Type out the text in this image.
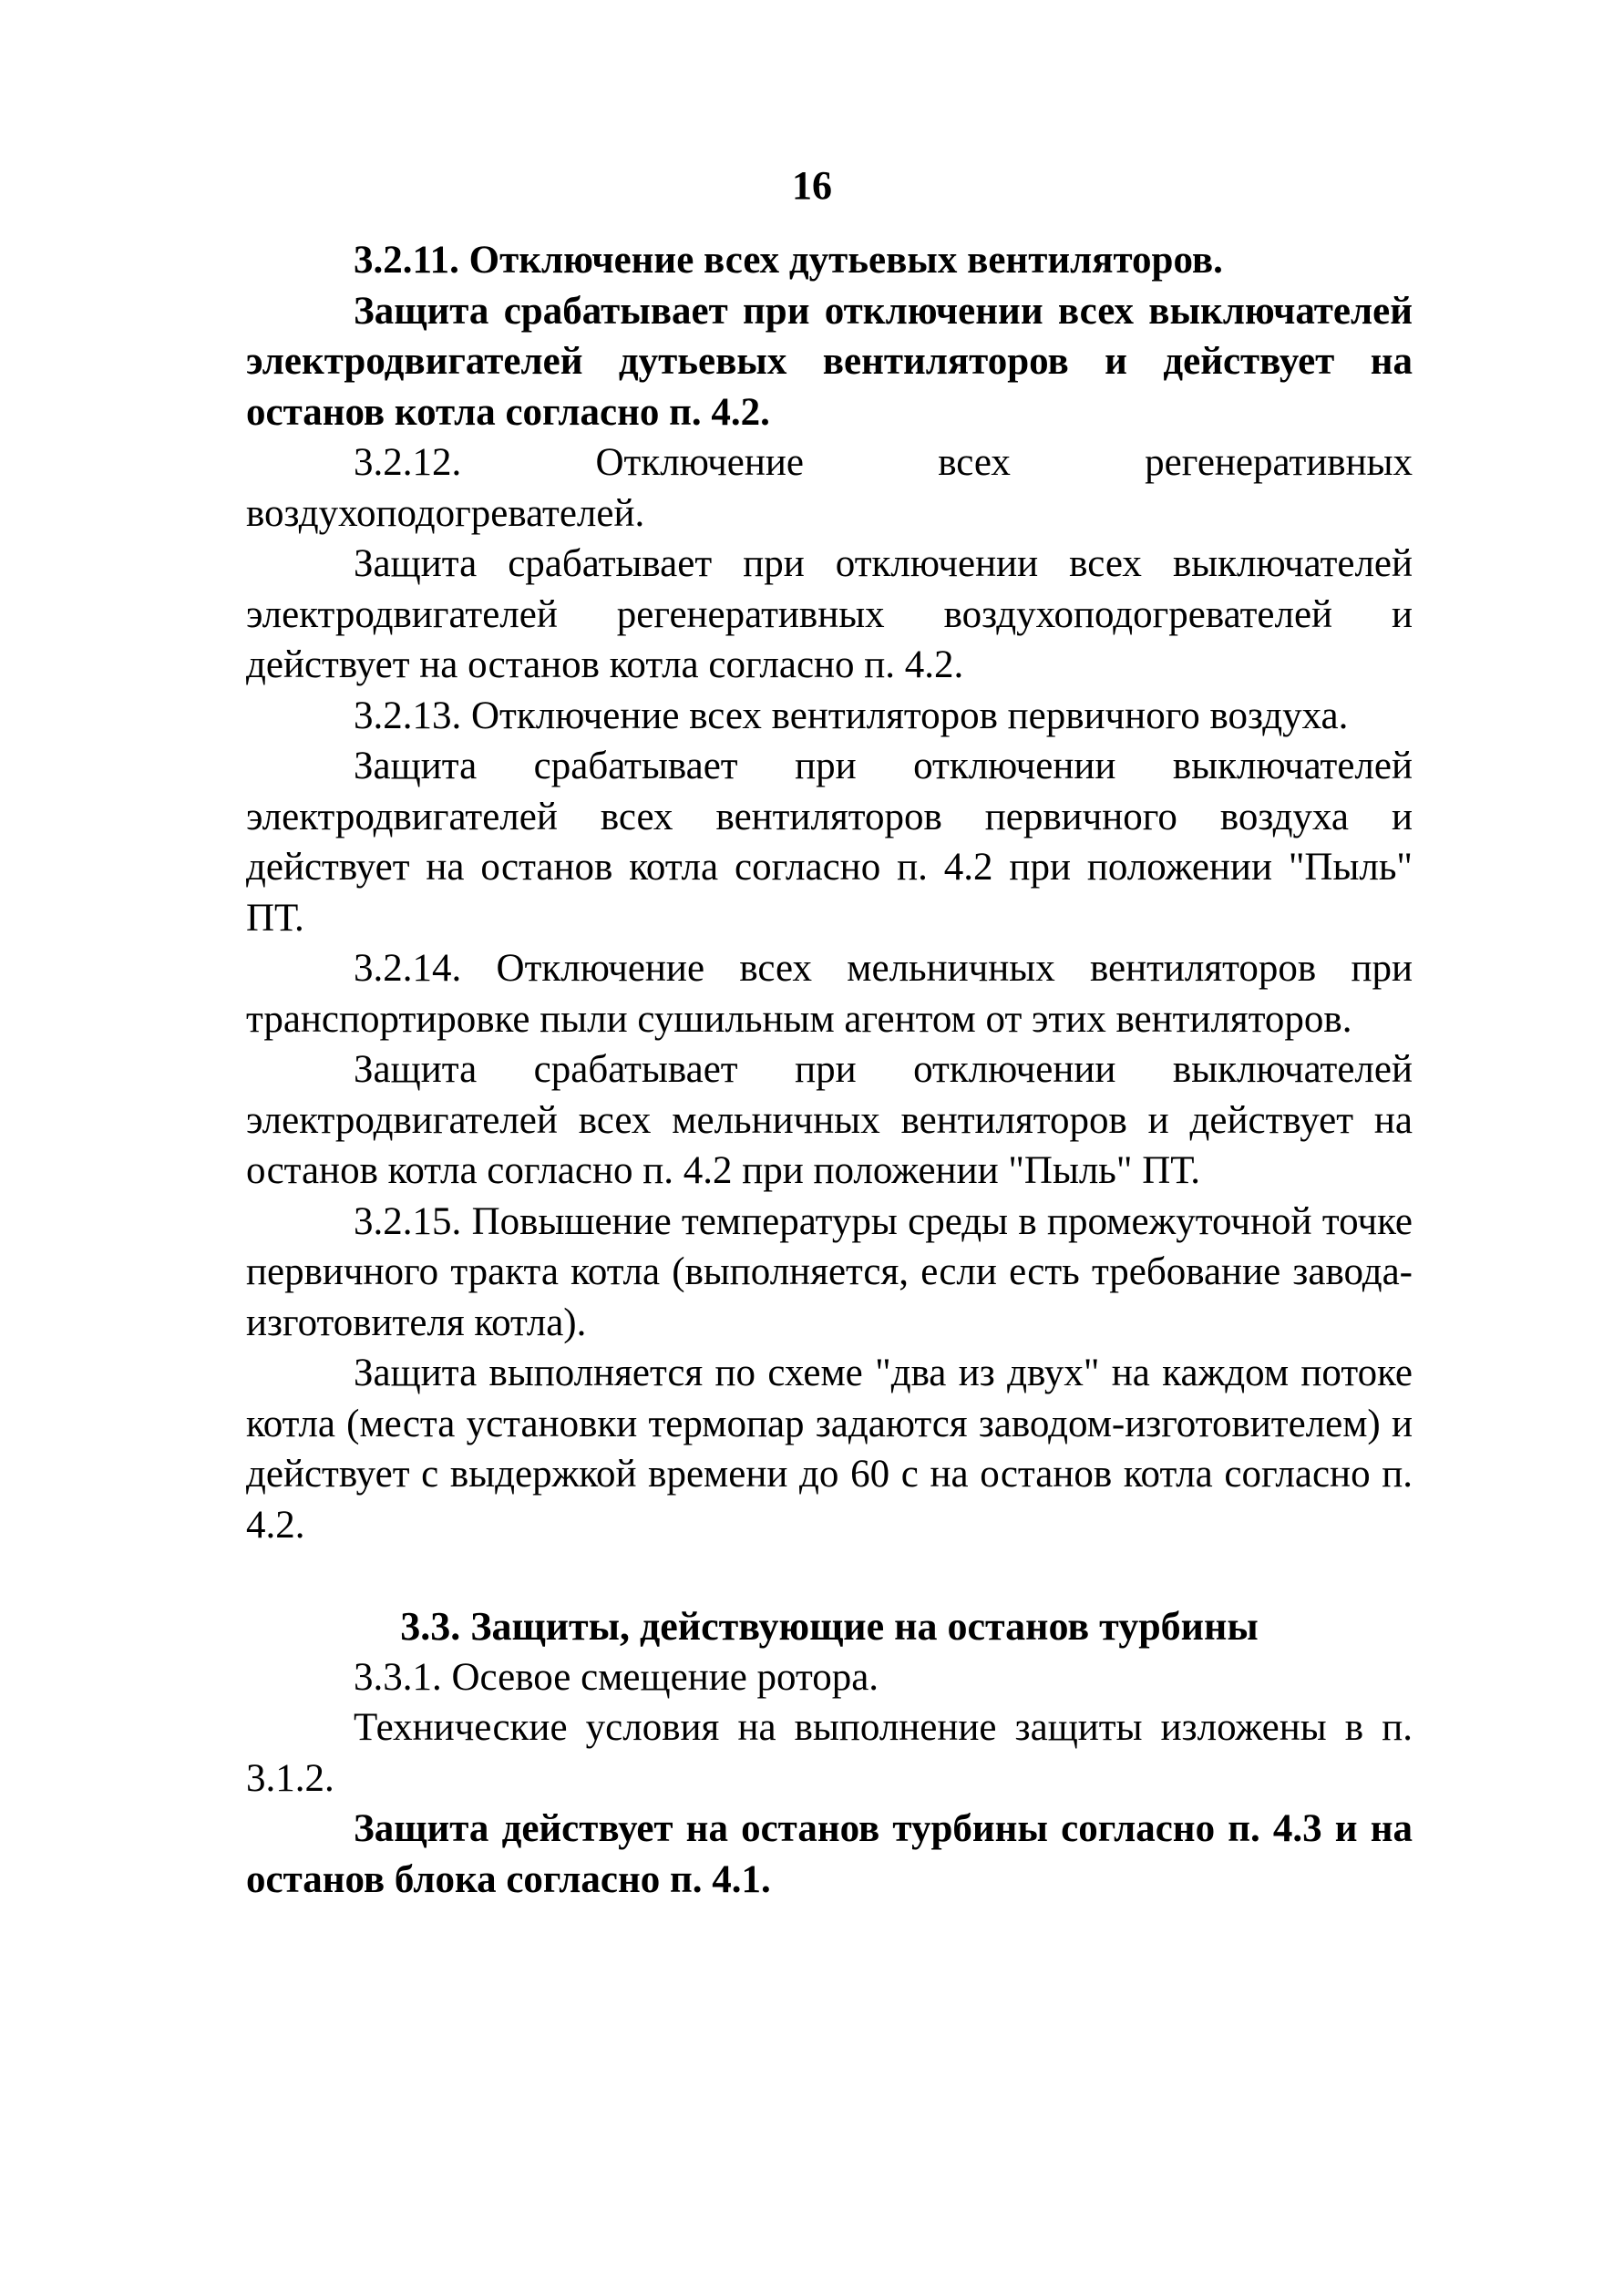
16

3.2.11. Отключение всех дутьевых вентиляторов.

Защита срабатывает при отключении всех выключателей электродвигателей дутьевых вентиляторов и действует на останов котла согласно п. 4.2.

3.2.12. Отключение всех регенеративных воздухоподогревателей.

Защита срабатывает при отключении всех выключателей электродвигателей регенеративных воздухоподогревателей и действует на останов котла согласно п. 4.2.

3.2.13. Отключение всех вентиляторов первичного воздуха.

Защита срабатывает при отключении выключателей электродвигателей всех вентиляторов первичного воздуха и действует на останов котла согласно п. 4.2 при положении "Пыль" ПТ.

3.2.14. Отключение всех мельничных вентиляторов при транспортировке пыли сушильным агентом от этих вентиляторов.

Защита срабатывает при отключении выключателей электродвигателей всех мельничных вентиляторов и действует на останов котла согласно п. 4.2 при положении "Пыль" ПТ.

3.2.15. Повышение температуры среды в промежуточной точке первичного тракта котла (выполняется, если есть требование завода-изготовителя котла).

Защита выполняется по схеме "два из двух" на каждом потоке котла (места установки термопар задаются заводом-изготовителем) и действует с выдержкой времени до 60 с на останов котла согласно п. 4.2.

3.3. Защиты, действующие на останов турбины

3.3.1. Осевое смещение ротора.

Технические условия на выполнение защиты изложены в п. 3.1.2.

Защита действует на останов турбины согласно п. 4.3 и на останов блока согласно п. 4.1.
